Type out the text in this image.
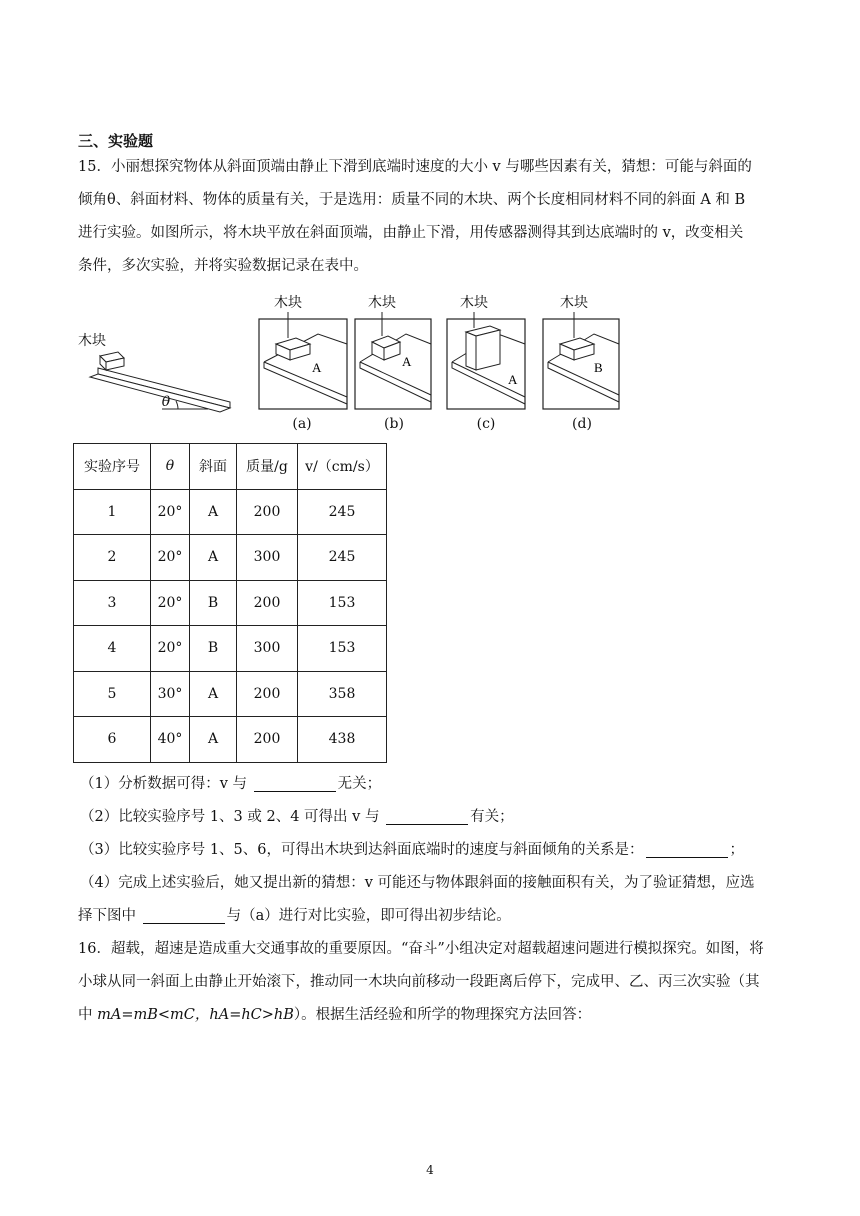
三、实验题
15．小丽想探究物体从斜面顶端由静止下滑到底端时速度的大小 v 与哪些因素有关，猜想：可能与斜面的
倾角θ、斜面材料、物体的质量有关，于是选用：质量不同的木块、两个长度相同材料不同的斜面 A 和 B
进行实验。如图所示，将木块平放在斜面顶端，由静止下滑，用传感器测得其到达底端时的 v，改变相关
条件，多次实验，并将实验数据记录在表中。
木块
θ
木块
A
(a)
木块
A
(b)
木块
A
(c)
木块
B
(d)
实验序号	θ	斜面	质量/g	v/（cm/s）
1	20°	A	200	245
2	20°	A	300	245
3	20°	B	200	153
4	20°	B	300	153
5	30°	A	200	358
6	40°	A	200	438
（1）分析数据可得：v 与	无关；
（2）比较实验序号 1、3 或 2、4 可得出 v 与	有关；
（3）比较实验序号 1、5、6，可得出木块到达斜面底端时的速度与斜面倾角的关系是：	；
（4）完成上述实验后，她又提出新的猜想：v 可能还与物体跟斜面的接触面积有关，为了验证猜想，应选
择下图中	与（a）进行对比实验，即可得出初步结论。
16．超载，超速是造成重大交通事故的重要原因。“奋斗”小组决定对超载超速问题进行模拟探究。如图，将
小球从同一斜面上由静止开始滚下，推动同一木块向前移动一段距离后停下，完成甲、乙、丙三次实验（其
中 mA=mB<mC，hA=hC>hB）。根据生活经验和所学的物理探究方法回答：
4
